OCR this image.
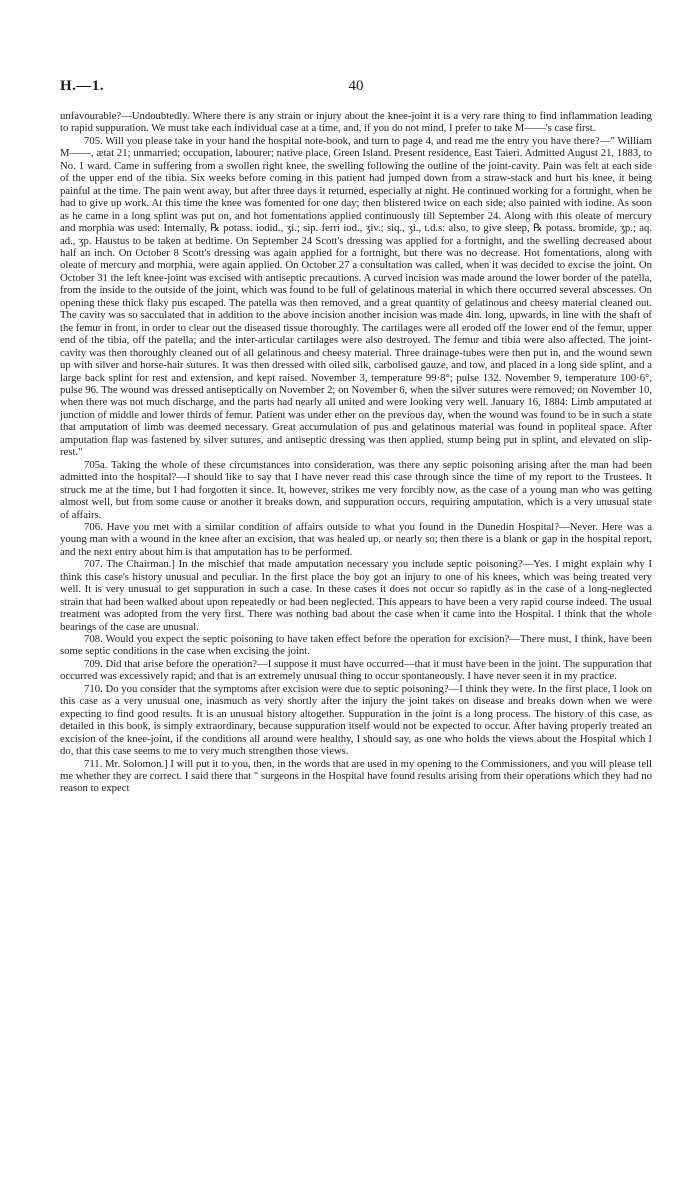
H.—1.	40

unfavourable?—Undoubtedly. Where there is any strain or injury about the knee-joint it is a very rare thing to find inflammation leading to rapid suppuration. We must take each individual case at a time, and, if you do not mind, I prefer to take M——'s case first.

705. Will you please take in your hand the hospital note-book, and turn to page 4, and read me the entry you have there?—" William M——, ætat 21; unmarried; occupation, labourer; native place, Green Island. Present residence, East Taieri. Admitted August 21, 1883, to No. 1 ward. Came in suffering from a swollen right knee, the swelling following the outline of the joint-cavity. Pain was felt at each side of the upper end of the tibia. Six weeks before coming in this patient had jumped down from a straw-stack and hurt his knee, it being painful at the time. The pain went away, but after three days it returned, especially at night. He continued working for a fortnight, when he had to give up work. At this time the knee was fomented for one day; then blistered twice on each side; also painted with iodine. As soon as he came in a long splint was put on, and hot fomentations applied continuously till September 24. Along with this oleate of mercury and morphia was used: Internally, ℞ potass. iodid., ʒi.; sip. ferri iod., ʒiv.; siq., ʒi., t.d.s: also, to give sleep, ℞ potass. bromide, ʒp.; aq. ad., ʒp. Haustus to be taken at bedtime. On September 24 Scott's dressing was applied for a fortnight, and the swelling decreased about half an inch. On October 8 Scott's dressing was again applied for a fortnight, but there was no decrease. Hot fomentations, along with oleate of mercury and morphia, were again applied. On October 27 a consultation was called, when it was decided to excise the joint. On October 31 the left knee-joint was excised with antiseptic precautions. A curved incision was made around the lower border of the patella, from the inside to the outside of the joint, which was found to be full of gelatinous material in which there occurred several abscesses. On opening these thick flaky pus escaped. The patella was then removed, and a great quantity of gelatinous and cheesy material cleaned out. The cavity was so sacculated that in addition to the above incision another incision was made 4in. long, upwards, in line with the shaft of the femur in front, in order to clear out the diseased tissue thoroughly. The cartilages were all eroded off the lower end of the femur, upper end of the tibia, off the patella; and the inter-articular cartilages were also destroyed. The femur and tibia were also affected. The joint-cavity was then thoroughly cleaned out of all gelatinous and cheesy material. Three drainage-tubes were then put in, and the wound sewn up with silver and horse-hair sutures. It was then dressed with oiled silk, carbolised gauze, and tow, and placed in a long side splint, and a large back splint for rest and extension, and kept raised. November 3, temperature 99·8°; pulse 132. November 9, temperature 100·6°, pulse 96. The wound was dressed antiseptically on November 2; on November 6, when the silver sutures were removed; on November 10, when there was not much discharge, and the parts had nearly all united and were looking very well. January 16, 1884: Limb amputated at junction of middle and lower thirds of femur. Patient was under ether on the previous day, when the wound was found to be in such a state that amputation of limb was deemed necessary. Great accumulation of pus and gelatinous material was found in popliteal space. After amputation flap was fastened by silver sutures, and antiseptic dressing was then applied, stump being put in splint, and elevated on slip-rest."

705a. Taking the whole of these circumstances into consideration, was there any septic poisoning arising after the man had been admitted into the hospital?—I should like to say that I have never read this case through since the time of my report to the Trustees. It struck me at the time, but I had forgotten it since. It, however, strikes me very forcibly now, as the case of a young man who was getting almost well, but from some cause or another it breaks down, and suppuration occurs, requiring amputation, which is a very unusual state of affairs.

706. Have you met with a similar condition of affairs outside to what you found in the Dunedin Hospital?—Never. Here was a young man with a wound in the knee after an excision, that was healed up, or nearly so; then there is a blank or gap in the hospital report, and the next entry about him is that amputation has to be performed.

707. The Chairman.] In the mischief that made amputation necessary you include septic poisoning?—Yes. I might explain why I think this case's history unusual and peculiar. In the first place the boy got an injury to one of his knees, which was being treated very well. It is very unusual to get suppuration in such a case. In these cases it does not occur so rapidly as in the case of a long-neglected strain that had been walked about upon repeatedly or had been neglected. This appears to have been a very rapid course indeed. The usual treatment was adopted from the very first. There was nothing bad about the case when it came into the Hospital. I think that the whole bearings of the case are unusual.

708. Would you expect the septic poisoning to have taken effect before the operation for excision?—There must, I think, have been some septic conditions in the case when excising the joint.

709. Did that arise before the operation?—I suppose it must have occurred—that it must have been in the joint. The suppuration that occurred was excessively rapid; and that is an extremely unusual thing to occur spontaneously. I have never seen it in my practice.

710. Do you consider that the symptoms after excision were due to septic poisoning?—I think they were. In the first place, I look on this case as a very unusual one, inasmuch as very shortly after the injury the joint takes on disease and breaks down when we were expecting to find good results. It is an unusual history altogether. Suppuration in the joint is a long process. The history of this case, as detailed in this book, is simply extraordinary, because suppuration itself would not be expected to occur. After having properly treated an excision of the knee-joint, if the conditions all around were healthy, I should say, as one who holds the views about the Hospital which I do, that this case seems to me to very much strengthen those views.

711. Mr. Solomon.] I will put it to you, then, in the words that are used in my opening to the Commissioners, and you will please tell me whether they are correct. I said there that " surgeons in the Hospital have found results arising from their operations which they had no reason to expect
